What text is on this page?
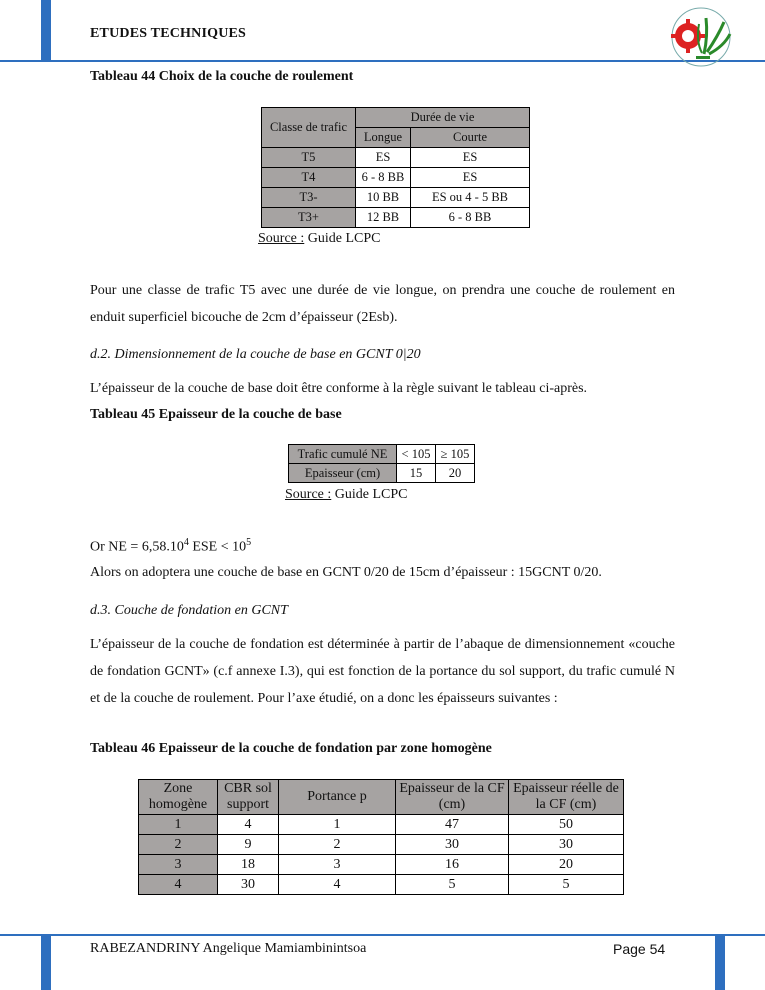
ETUDES TECHNIQUES
Tableau 44 Choix de la couche de roulement
Classe de trafic	Durée de vie	
	Longue	Courte
T5	ES	ES
T4	6 - 8 BB	ES
T3-	10 BB	ES ou 4 - 5 BB
T3+	12 BB	6 - 8 BB
Source : Guide LCPC
Pour une classe de trafic T5 avec une durée de vie longue, on prendra une couche de roulement en enduit superficiel bicouche de 2cm d’épaisseur (2Esb).
d.2. Dimensionnement de la couche de base en GCNT 0|20
L’épaisseur de la couche de base doit être conforme à la règle suivant le tableau ci-après.
Tableau 45 Epaisseur de la couche de base
Trafic cumulé NE	< 105	≥ 105
Epaisseur (cm)	15	20
Source : Guide LCPC
Or NE = $6,58.10^4$ ESE < $10^5$
Alors on adoptera une couche de base en GCNT 0/20 de 15cm d’épaisseur : 15GCNT 0/20.
d.3. Couche de fondation en GCNT
L’épaisseur de la couche de fondation est déterminée à partir de l’abaque de dimensionnement «couche de fondation GCNT» (c.f annexe I.3), qui est fonction de la portance du sol support, du trafic cumulé N et de la couche de roulement. Pour l’axe étudié, on a donc les épaisseurs suivantes :
Tableau 46 Epaisseur de la couche de fondation par zone homogène
Zone homogène	CBR sol support	Portance p	Epaisseur de la CF (cm)	Epaisseur réelle de la CF (cm)
1	4	1	47	50
2	9	2	30	30
3	18	3	16	20
4	30	4	5	5
RABEZANDRINY Angelique Mamiambinintsoa	Page 54
